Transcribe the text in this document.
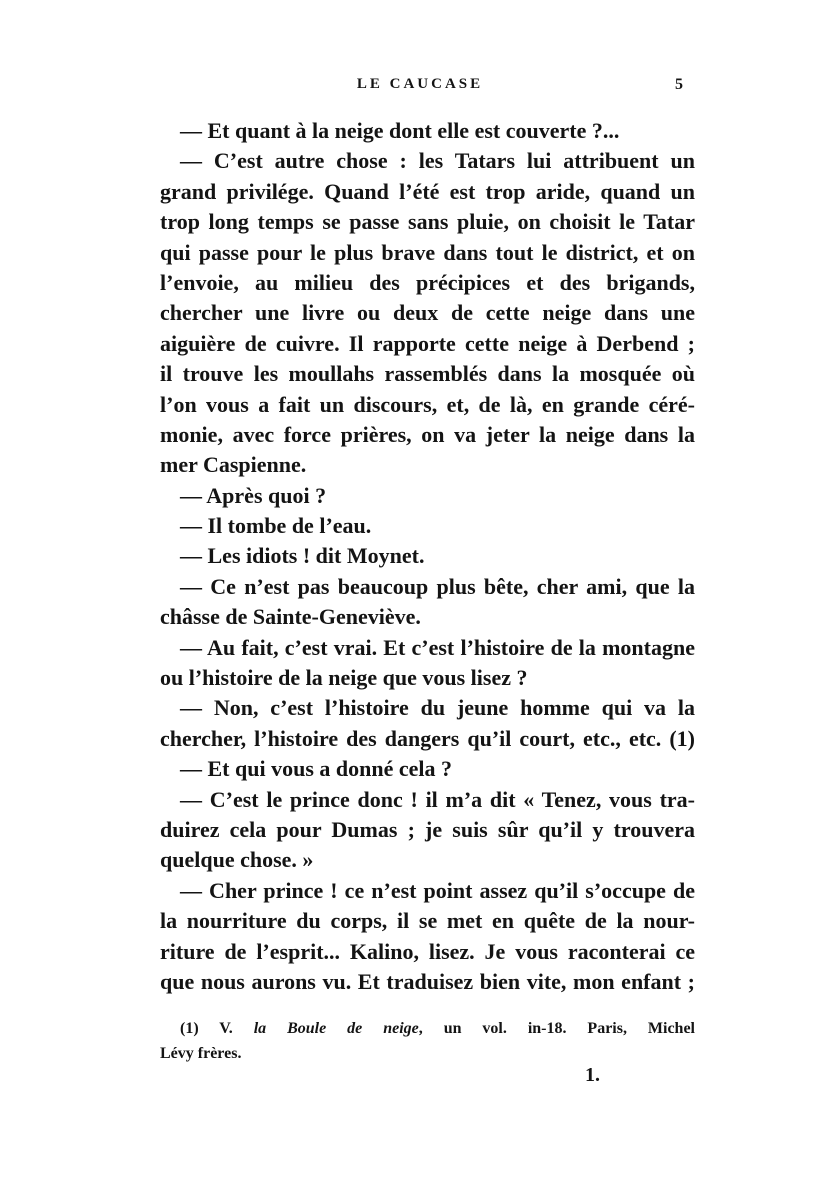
LE CAUCASE	5
— Et quant à la neige dont elle est couverte ?...
— C’est autre chose : les Tatars lui attribuent un
grand privilége. Quand l’été est trop aride, quand un
trop long temps se passe sans pluie, on choisit le Tatar
qui passe pour le plus brave dans tout le district, et on
l’envoie, au milieu des précipices et des brigands,
chercher une livre ou deux de cette neige dans une
aiguière de cuivre. Il rapporte cette neige à Derbend ;
il trouve les moullahs rassemblés dans la mosquée où
l’on vous a fait un discours, et, de là, en grande céré-
monie, avec force prières, on va jeter la neige dans la
mer Caspienne.
— Après quoi ?
— Il tombe de l’eau.
— Les idiots ! dit Moynet.
— Ce n’est pas beaucoup plus bête, cher ami, que la
châsse de Sainte-Geneviève.
— Au fait, c’est vrai. Et c’est l’histoire de la montagne
ou l’histoire de la neige que vous lisez ?
— Non, c’est l’histoire du jeune homme qui va la
chercher, l’histoire des dangers qu’il court, etc., etc. (1)
— Et qui vous a donné cela ?
— C’est le prince donc ! il m’a dit « Tenez, vous tra-
duirez cela pour Dumas ; je suis sûr qu’il y trouvera
quelque chose. »
— Cher prince ! ce n’est point assez qu’il s’occupe de
la nourriture du corps, il se met en quête de la nour-
riture de l’esprit... Kalino, lisez. Je vous raconterai ce
que nous aurons vu. Et traduisez bien vite, mon enfant ;
(1) V. la Boule de neige, un vol. in-18. Paris, Michel
Lévy frères.
1.
